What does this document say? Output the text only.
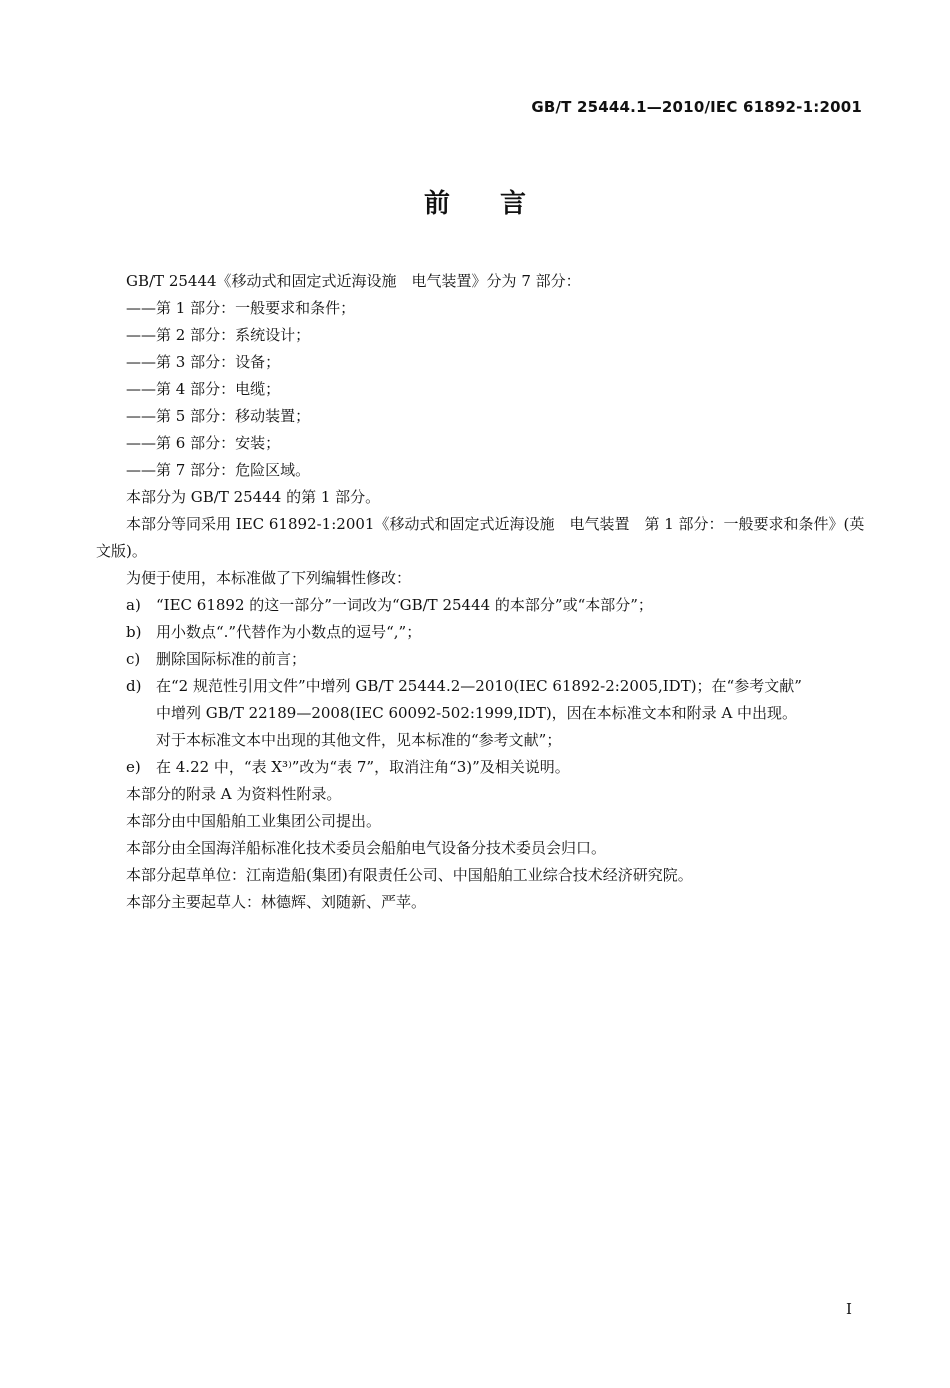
GB/T 25444.1—2010/IEC 61892-1:2001
前言

GB/T 25444《移动式和固定式近海设施　电气装置》分为 7 部分：

——第 1 部分：一般要求和条件；

——第 2 部分：系统设计；

——第 3 部分：设备；

——第 4 部分：电缆；

——第 5 部分：移动装置；

——第 6 部分：安装；

——第 7 部分：危险区域。

本部分为 GB/T 25444 的第 1 部分。

本部分等同采用 IEC 61892-1:2001《移动式和固定式近海设施　电气装置　第 1 部分：一般要求和条件》(英文版)。

为便于使用，本标准做了下列编辑性修改：

a) “IEC 61892 的这一部分”一词改为“GB/T 25444 的本部分”或“本部分”；
b) 用小数点“.”代替作为小数点的逗号“,”；
c) 删除国际标准的前言；
d) 在“2 规范性引用文件”中增列 GB/T 25444.2—2010(IEC 61892-2:2005,IDT)；在“参考文献”
中增列 GB/T 22189—2008(IEC 60092-502:1999,IDT)，因在本标准文本和附录 A 中出现。
对于本标准文本中出现的其他文件，见本标准的“参考文献”；
e) 在 4.22 中，“表 X³⁾”改为“表 7”，取消注角“3)”及相关说明。

本部分的附录 A 为资料性附录。

本部分由中国船舶工业集团公司提出。

本部分由全国海洋船标准化技术委员会船舶电气设备分技术委员会归口。

本部分起草单位：江南造船(集团)有限责任公司、中国船舶工业综合技术经济研究院。

本部分主要起草人：林德辉、刘随新、严苹。

I
